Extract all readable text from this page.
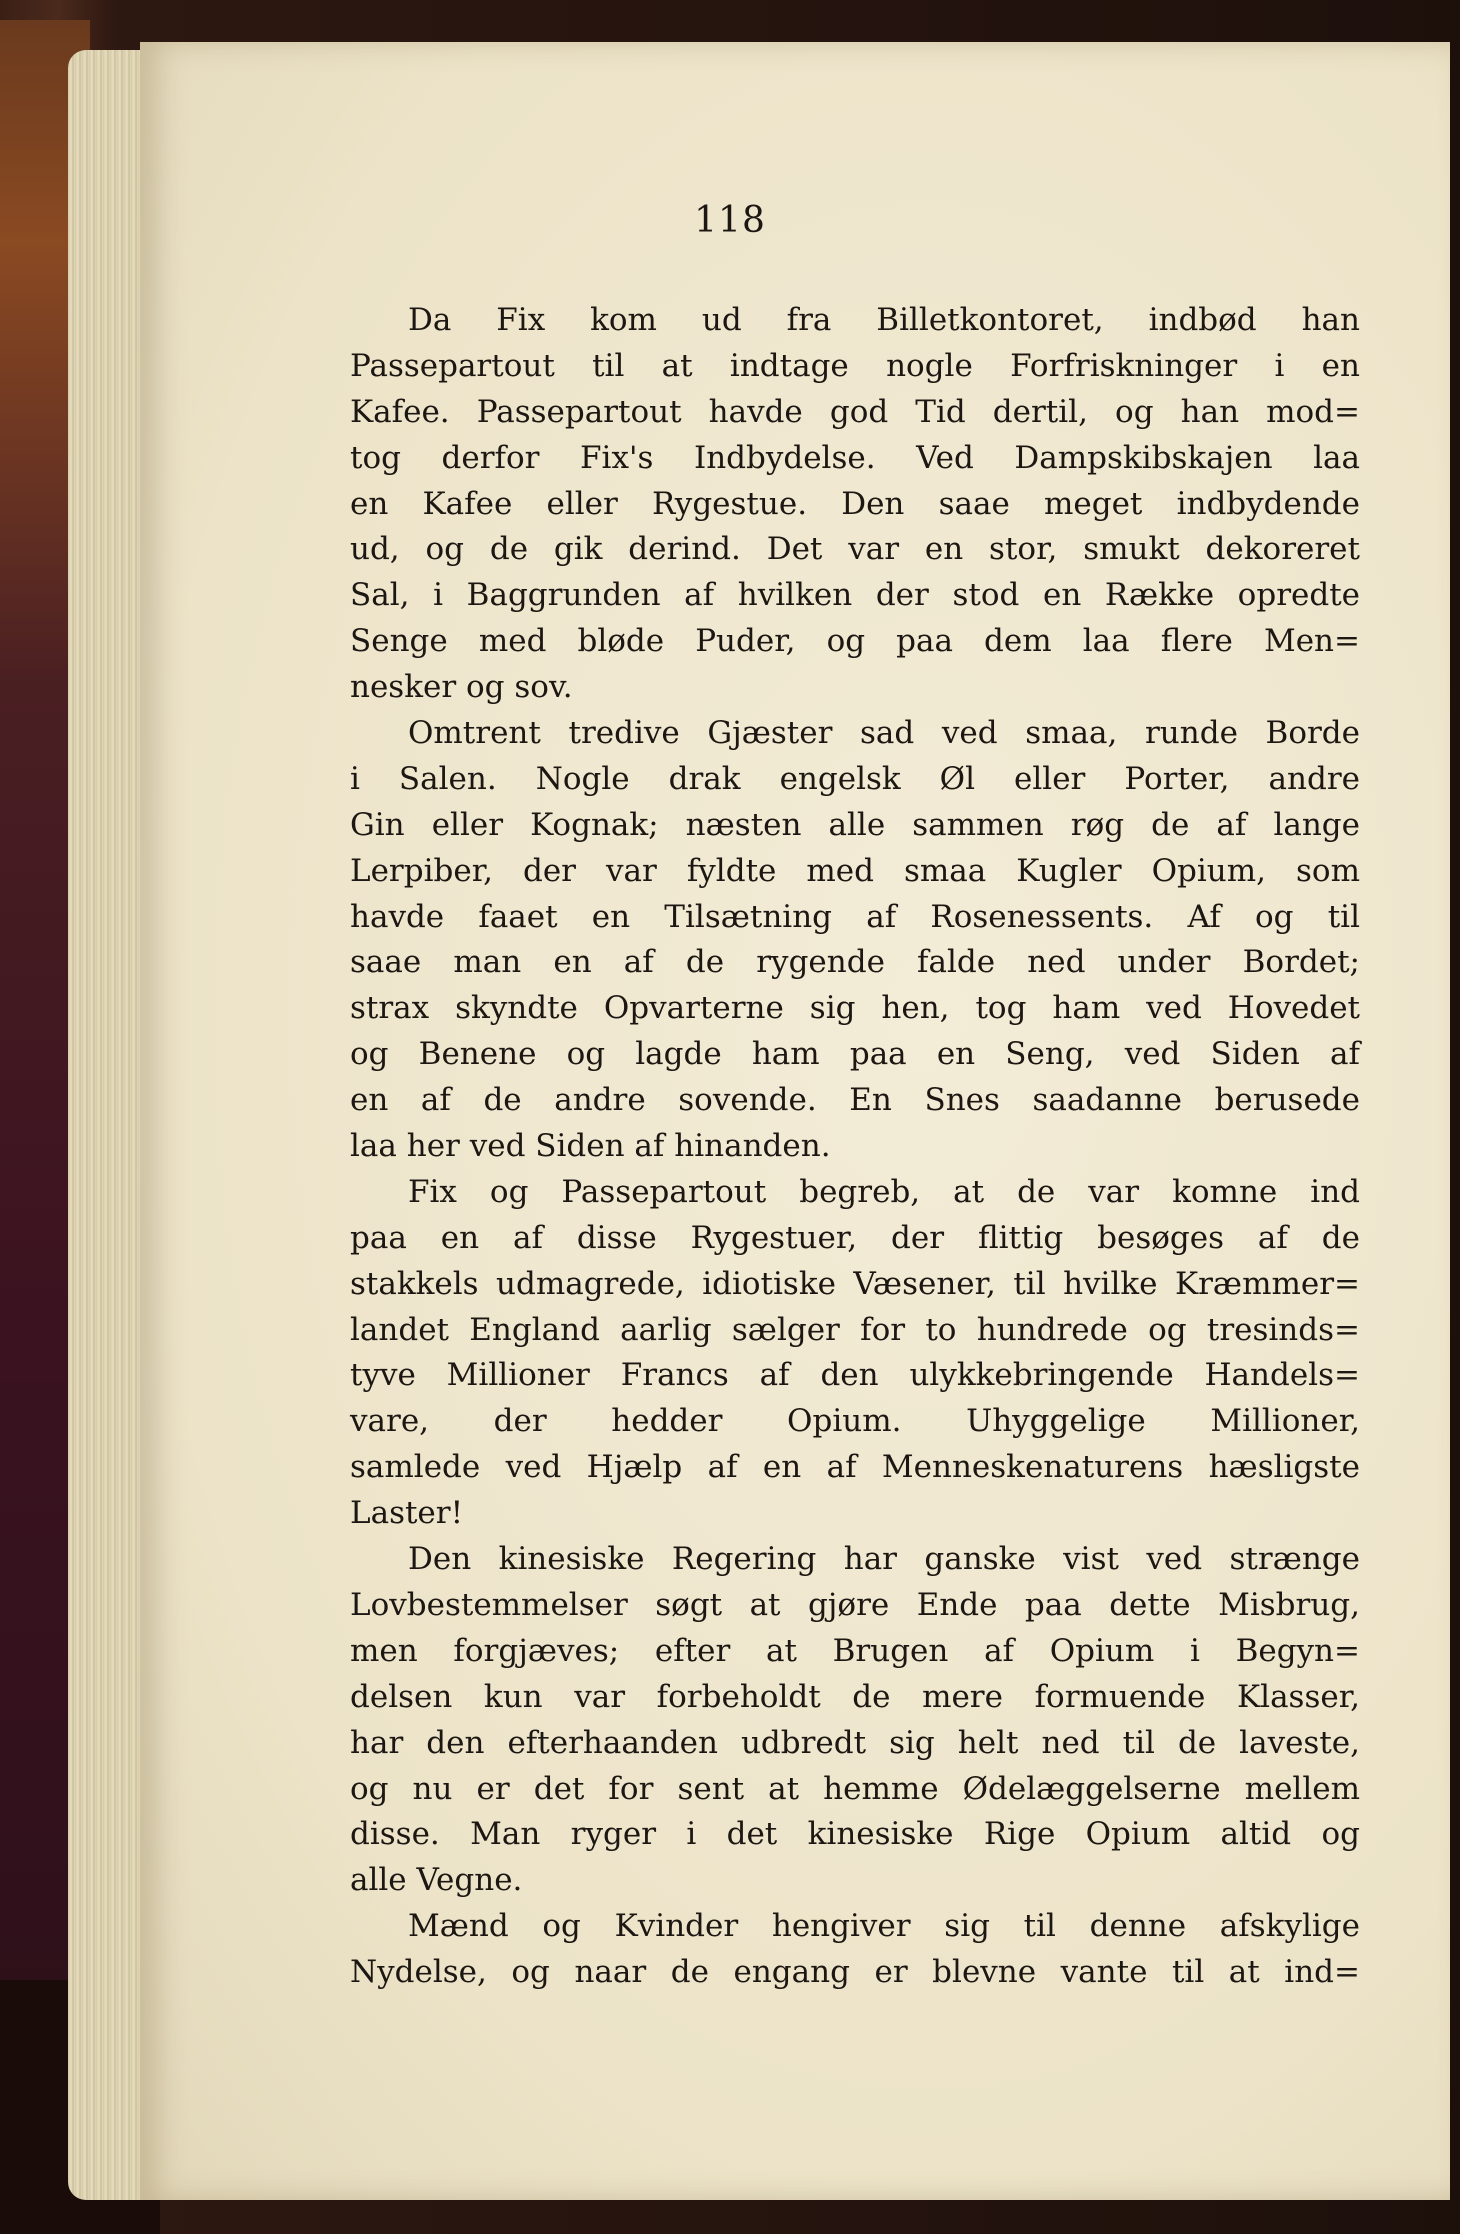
118
Da Fix kom ud fra Billetkontoret, indbød han
Passepartout til at indtage nogle Forfriskninger i en
Kafee. Passepartout havde god Tid dertil, og han mod=
tog derfor Fix's Indbydelse. Ved Dampskibskajen laa
en Kafee eller Rygestue. Den saae meget indbydende
ud, og de gik derind. Det var en stor, smukt dekoreret
Sal, i Baggrunden af hvilken der stod en Række opredte
Senge med bløde Puder, og paa dem laa flere Men=
nesker og sov.
Omtrent tredive Gjæster sad ved smaa, runde Borde
i Salen. Nogle drak engelsk Øl eller Porter, andre
Gin eller Kognak; næsten alle sammen røg de af lange
Lerpiber, der var fyldte med smaa Kugler Opium, som
havde faaet en Tilsætning af Rosenessents. Af og til
saae man en af de rygende falde ned under Bordet;
strax skyndte Opvarterne sig hen, tog ham ved Hovedet
og Benene og lagde ham paa en Seng, ved Siden af
en af de andre sovende. En Snes saadanne berusede
laa her ved Siden af hinanden.
Fix og Passepartout begreb, at de var komne ind
paa en af disse Rygestuer, der flittig besøges af de
stakkels udmagrede, idiotiske Væsener, til hvilke Kræmmer=
landet England aarlig sælger for to hundrede og tresinds=
tyve Millioner Francs af den ulykkebringende Handels=
vare, der hedder Opium. Uhyggelige Millioner,
samlede ved Hjælp af en af Menneskenaturens hæsligste
Laster!
Den kinesiske Regering har ganske vist ved strænge
Lovbestemmelser søgt at gjøre Ende paa dette Misbrug,
men forgjæves; efter at Brugen af Opium i Begyn=
delsen kun var forbeholdt de mere formuende Klasser,
har den efterhaanden udbredt sig helt ned til de laveste,
og nu er det for sent at hemme Ødelæggelserne mellem
disse. Man ryger i det kinesiske Rige Opium altid og
alle Vegne.
Mænd og Kvinder hengiver sig til denne afskylige
Nydelse, og naar de engang er blevne vante til at ind=
